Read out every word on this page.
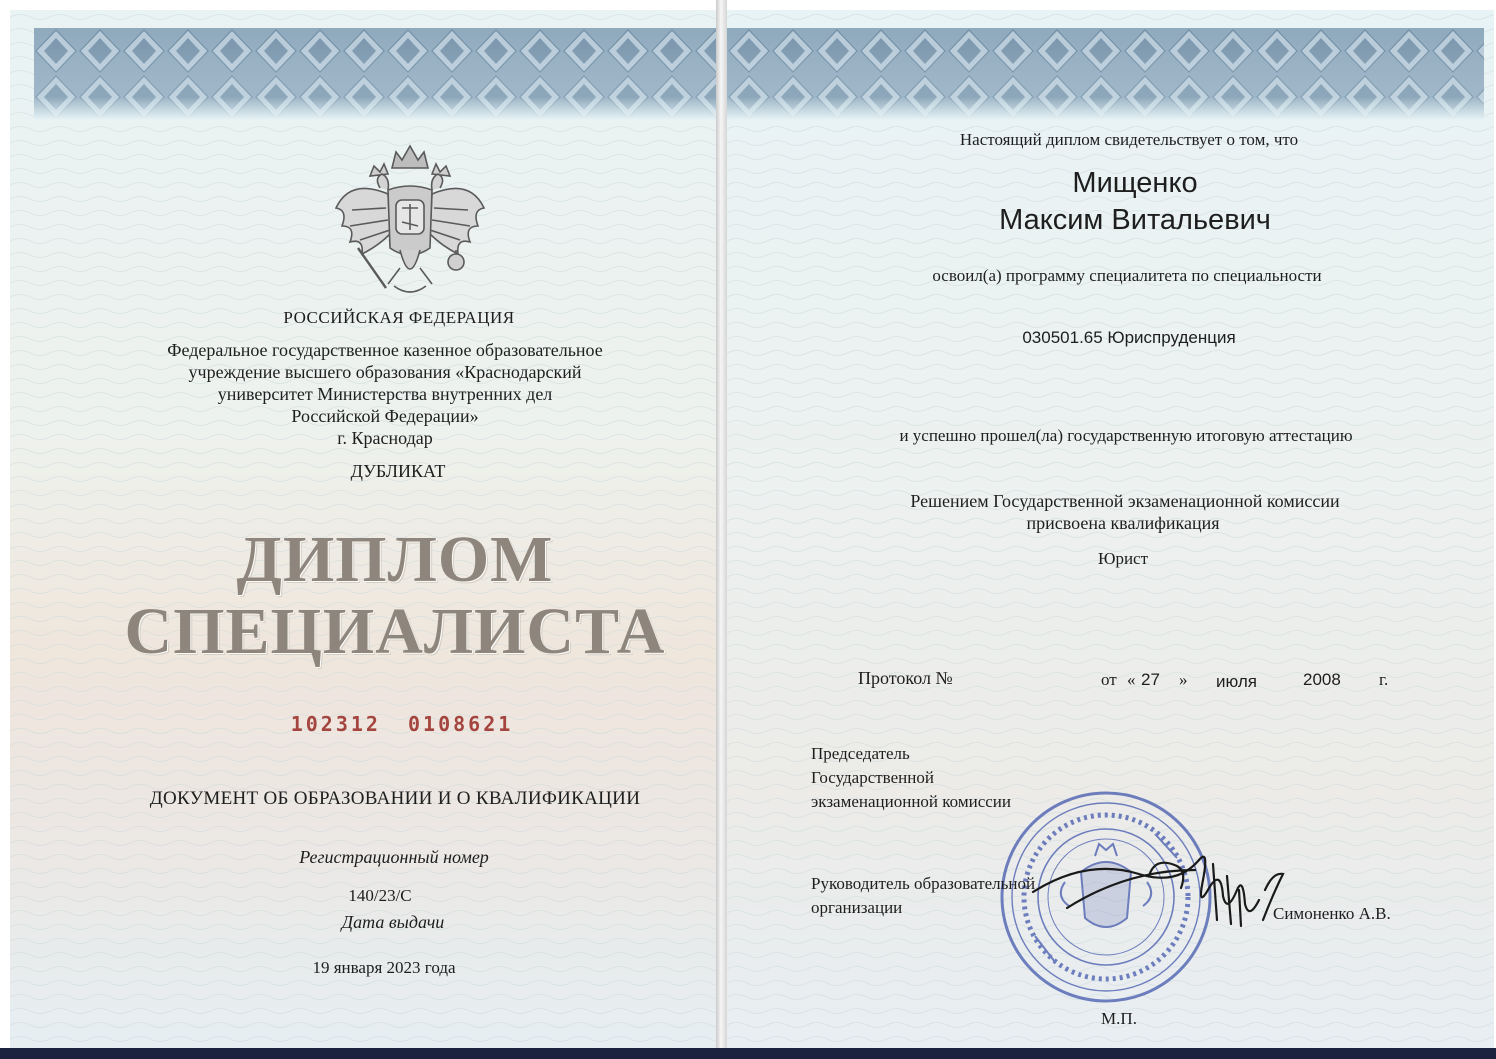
РОССИЙСКАЯ ФЕДЕРАЦИЯ

Федеральное государственное казенное образовательное

учреждение высшего образования «Краснодарский

университет Министерства внутренних дел

Российской Федерации»

г. Краснодар

ДУБЛИКАТ

ДИПЛОМ

СПЕЦИАЛИСТА

102312 0108621

ДОКУМЕНТ ОБ ОБРАЗОВАНИИ И О КВАЛИФИКАЦИИ

Регистрационный номер

140/23/С

Дата выдачи

19 января 2023 года

Настоящий диплом свидетельствует о том, что

Мищенко

Максим Витальевич

освоил(а) программу специалитета по специальности

030501.65 Юриспруденция

и успешно прошел(ла) государственную итоговую аттестацию

Решением Государственной экзаменационной комиссии

присвоена квалификация

Юрист

Протокол №	от « 27 » июля	2008 г.

Председатель

Государственной

экзаменационной комиссии

Руководитель образовательной

организации	Симоненко А.В.

М.П.
